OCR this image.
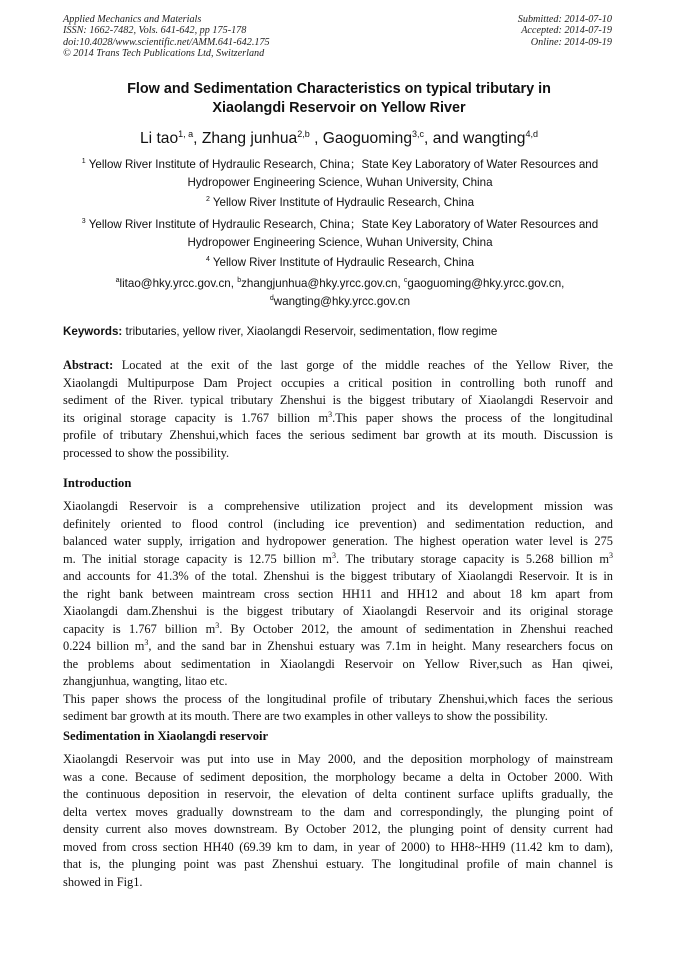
Applied Mechanics and Materials
ISSN: 1662-7482, Vols. 641-642, pp 175-178
doi:10.4028/www.scientific.net/AMM.641-642.175
© 2014 Trans Tech Publications Ltd, Switzerland
Submitted: 2014-07-10
Accepted: 2014-07-19
Online: 2014-09-19
Flow and Sedimentation Characteristics on typical tributary in
Xiaolangdi Reservoir on Yellow River
Li tao$^{1, a}$, Zhang junhua$^{2,b}$ , Gaoguoming$^{3,c}$, and wangting$^{4,d}$
$^1$ Yellow River Institute of Hydraulic Research, China；State Key Laboratory of Water Resources and
Hydropower Engineering Science, Wuhan University, China
$^2$ Yellow River Institute of Hydraulic Research, China
$^3$ Yellow River Institute of Hydraulic Research, China；State Key Laboratory of Water Resources and
Hydropower Engineering Science, Wuhan University, China
$^4$ Yellow River Institute of Hydraulic Research, China
$^a$litao@hky.yrcc.gov.cn, $^b$zhangjunhua@hky.yrcc.gov.cn, $^c$gaoguoming@hky.yrcc.gov.cn,
$^d$wangting@hky.yrcc.gov.cn
Keywords: tributaries, yellow river, Xiaolangdi Reservoir, sedimentation, flow regime
Abstract: Located at the exit of the last gorge of the middle reaches of the Yellow River, the
Xiaolangdi Multipurpose Dam Project occupies a critical position in controlling both runoff and
sediment of the River. typical tributary Zhenshui is the biggest tributary of Xiaolangdi Reservoir and
its original storage capacity is 1.767 billion $m^3.This$ paper shows the process of the longitudinal
profile of tributary Zhenshui,which faces the serious sediment bar growth at its mouth. Discussion is
processed to show the possibility.
Introduction
Xiaolangdi Reservoir is a comprehensive utilization project and its development mission was
definitely oriented to flood control (including ice prevention) and sedimentation reduction, and
balanced water supply, irrigation and hydropower generation. The highest operation water level is 275
m. The initial storage capacity is 12.75 billion $m^3$. The tributary storage capacity is 5.268 billion $m^3$
and accounts for 41.3% of the total. Zhenshui is the biggest tributary of Xiaolangdi Reservoir. It is in
the right bank between maintream cross section HH11 and HH12 and about 18 km apart from
Xiaolangdi dam.Zhenshui is the biggest tributary of Xiaolangdi Reservoir and its original storage
capacity is 1.767 billion $m^3$. By October 2012, the amount of sedimentation in Zhenshui reached
0.224 billion $m^3$, and the sand bar in Zhenshui estuary was 7.1m in height. Many researchers focus on
the problems about sedimentation in Xiaolangdi Reservoir on Yellow River,such as Han qiwei,
zhangjunhua, wangting, litao etc.
This paper shows the process of the longitudinal profile of tributary Zhenshui,which faces the serious
sediment bar growth at its mouth. There are two examples in other valleys to show the possibility.
Sedimentation in Xiaolangdi reservoir
Xiaolangdi Reservoir was put into use in May 2000, and the deposition morphology of mainstream
was a cone. Because of sediment deposition, the morphology became a delta in October 2000. With
the continuous deposition in reservoir, the elevation of delta continent surface uplifts gradually, the
delta vertex moves gradually downstream to the dam and correspondingly, the plunging point of
density current also moves downstream. By October 2012, the plunging point of density current had
moved from cross section HH40 (69.39 km to dam, in year of 2000) to HH8~HH9 (11.42 km to dam),
that is, the plunging point was past Zhenshui estuary. The longitudinal profile of main channel is
showed in Fig1.
